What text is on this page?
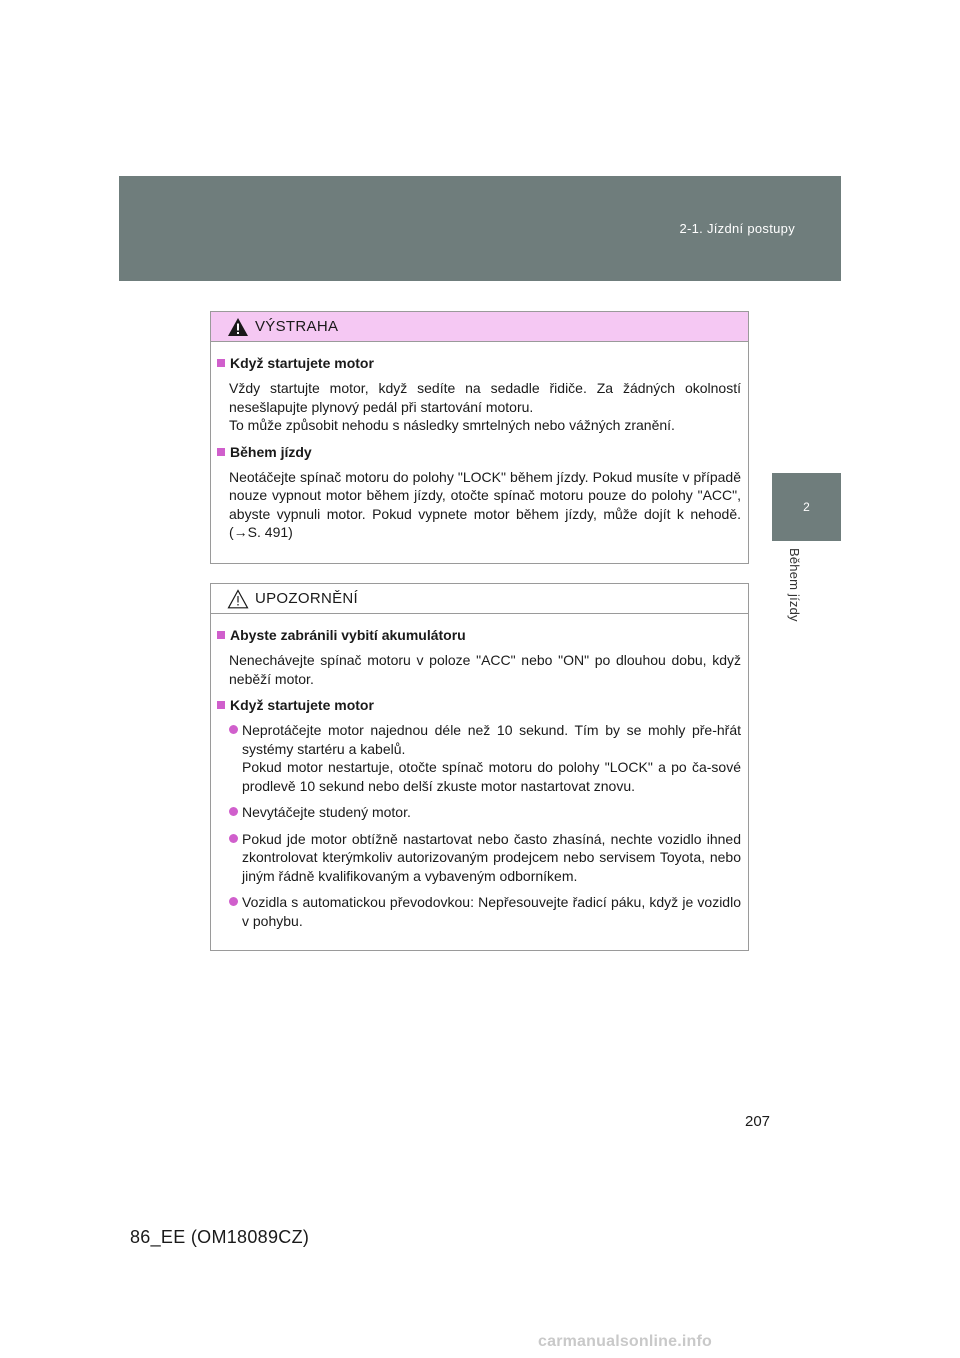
2-1. Jízdní postupy
2
Během jízdy
VÝSTRAHA
Když startujete motor
Vždy startujte motor, když sedíte na sedadle řidiče. Za žádných okolností nesešlapujte plynový pedál při startování motoru.
To může způsobit nehodu s následky smrtelných nebo vážných zranění.
Během jízdy
Neotáčejte spínač motoru do polohy "LOCK" během jízdy. Pokud musíte v případě nouze vypnout motor během jízdy, otočte spínač motoru pouze do polohy "ACC", abyste vypnuli motor. Pokud vypnete motor během jízdy, může dojít k nehodě. (→S. 491)
UPOZORNĚNÍ
Abyste zabránili vybití akumulátoru
Nenechávejte spínač motoru v poloze "ACC" nebo "ON" po dlouhou dobu, když neběží motor.
Když startujete motor
Neprotáčejte motor najednou déle než 10 sekund. Tím by se mohly pře-hřát systémy startéru a kabelů.
Pokud motor nestartuje, otočte spínač motoru do polohy "LOCK" a po ča-sové prodlevě 10 sekund nebo delší zkuste motor nastartovat znovu.
Nevytáčejte studený motor.
Pokud jde motor obtížně nastartovat nebo často zhasíná, nechte vozidlo ihned zkontrolovat kterýmkoliv autorizovaným prodejcem nebo servisem Toyota, nebo jiným řádně kvalifikovaným a vybaveným odborníkem.
Vozidla s automatickou převodovkou: Nepřesouvejte řadicí páku, když je vozidlo v pohybu.
207
86_EE (OM18089CZ)
carmanualsonline.info
